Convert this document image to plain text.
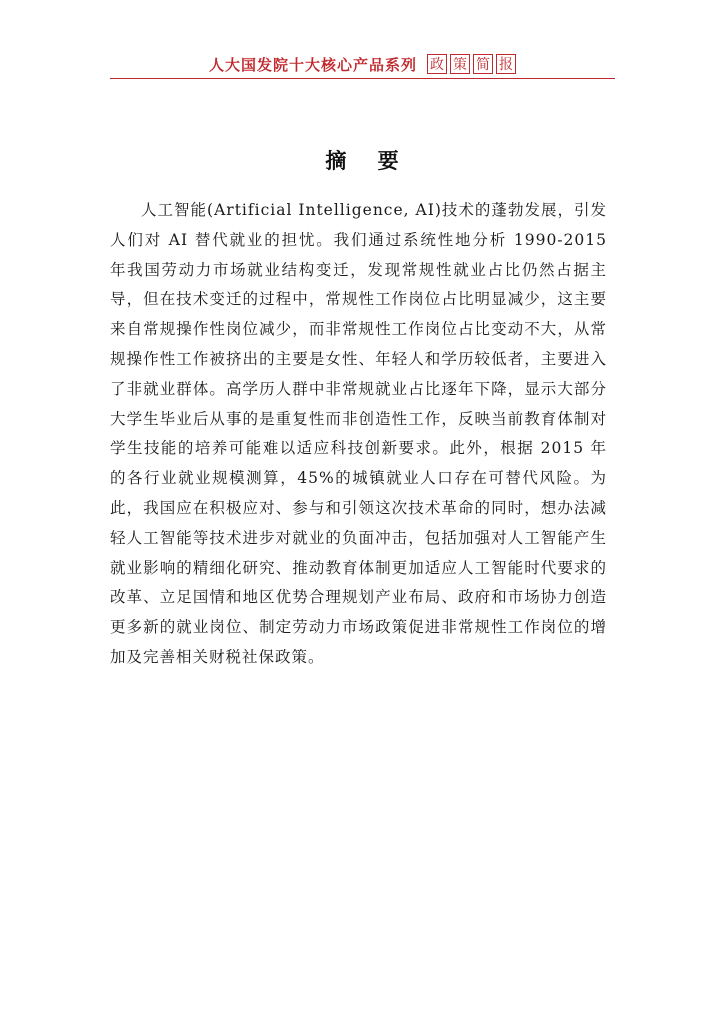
人大国发院十大核心产品系列 政 策 简 报
摘 要

人工智能(Artificial Intelligence, AI)技术的蓬勃发展，引发人们对 AI 替代就业的担忧。我们通过系统性地分析 1990-2015 年我国劳动力市场就业结构变迁，发现常规性就业占比仍然占据主导，但在技术变迁的过程中，常规性工作岗位占比明显减少，这主要来自常规操作性岗位减少，而非常规性工作岗位占比变动不大，从常规操作性工作被挤出的主要是女性、年轻人和学历较低者，主要进入了非就业群体。高学历人群中非常规就业占比逐年下降，显示大部分大学生毕业后从事的是重复性而非创造性工作，反映当前教育体制对学生技能的培养可能难以适应科技创新要求。此外，根据 2015 年的各行业就业规模测算，45%的城镇就业人口存在可替代风险。为此，我国应在积极应对、参与和引领这次技术革命的同时，想办法减轻人工智能等技术进步对就业的负面冲击，包括加强对人工智能产生就业影响的精细化研究、推动教育体制更加适应人工智能时代要求的改革、立足国情和地区优势合理规划产业布局、政府和市场协力创造更多新的就业岗位、制定劳动力市场政策促进非常规性工作岗位的增加及完善相关财税社保政策。
